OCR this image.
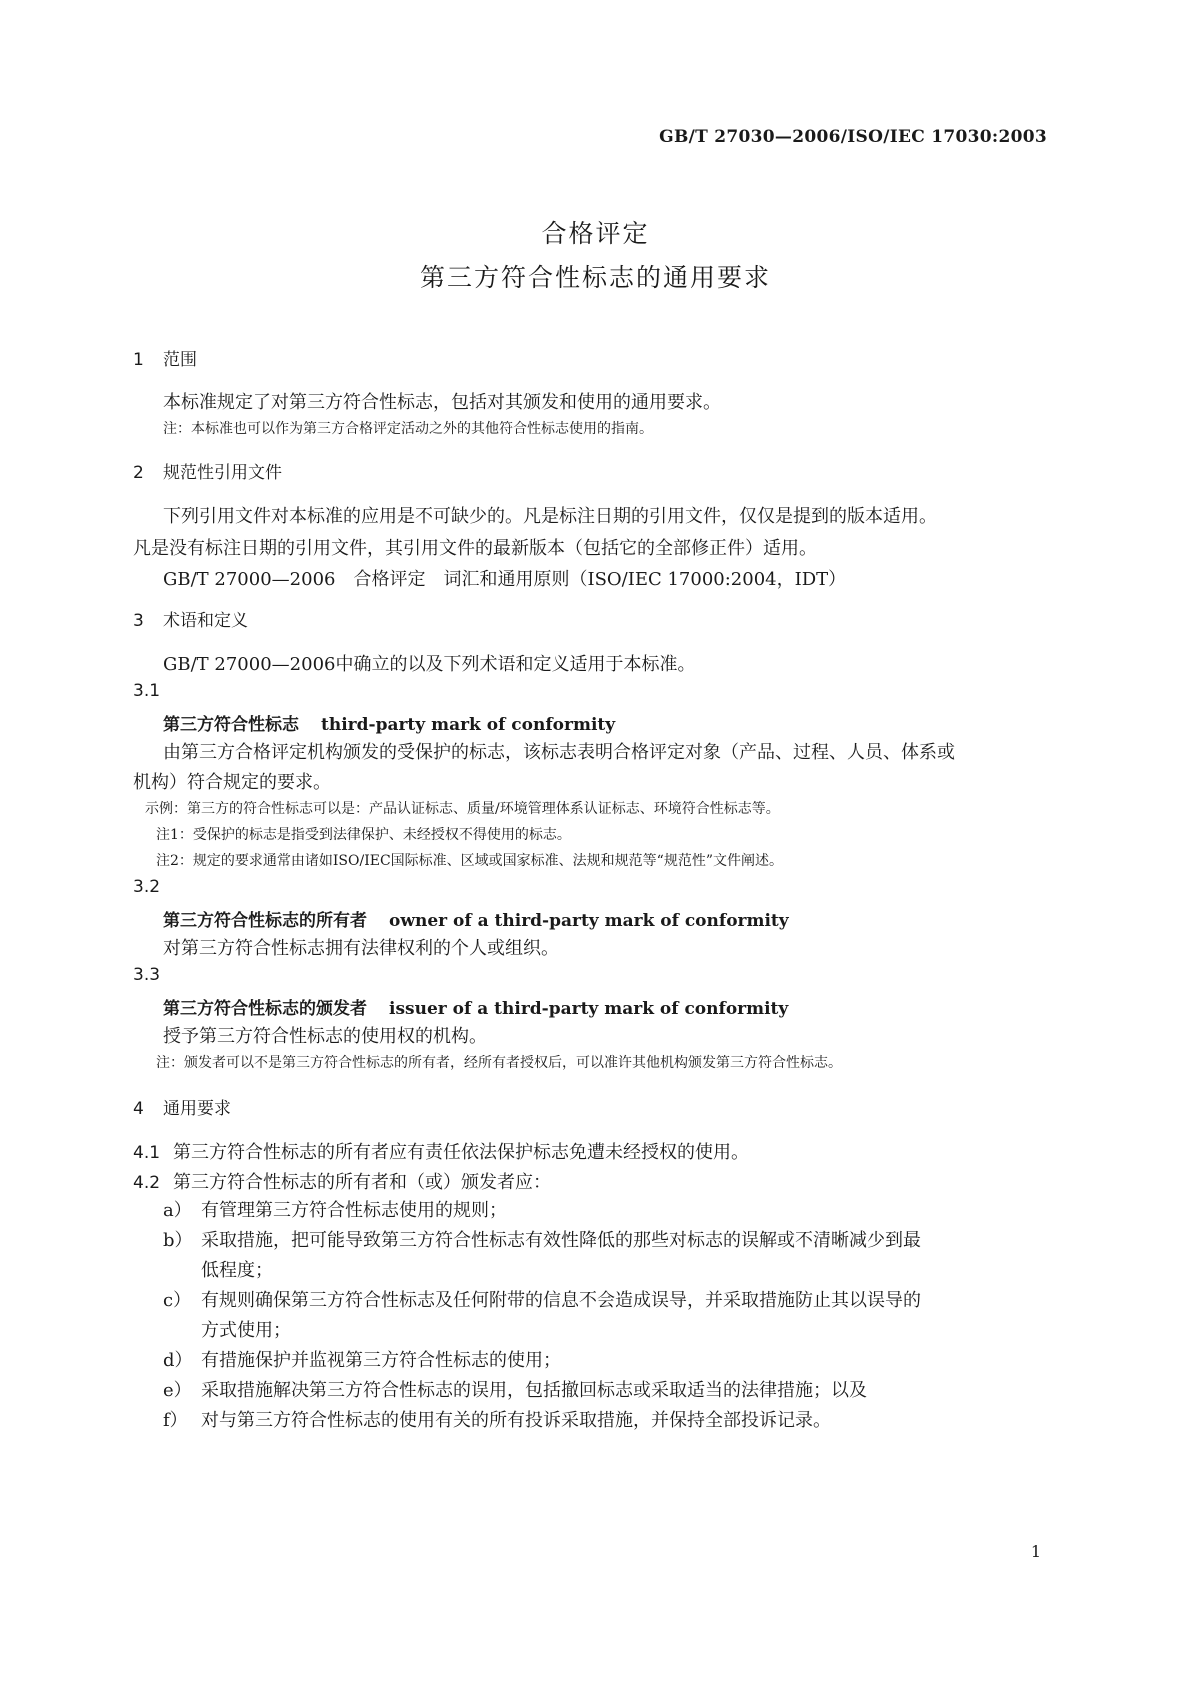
GB/T 27030—2006/ISO/IEC 17030:2003
合格评定
第三方符合性标志的通用要求
1 范围
本标准规定了对第三方符合性标志，包括对其颁发和使用的通用要求。
注：本标准也可以作为第三方合格评定活动之外的其他符合性标志使用的指南。
2 规范性引用文件
下列引用文件对本标准的应用是不可缺少的。凡是标注日期的引用文件，仅仅是提到的版本适用。
凡是没有标注日期的引用文件，其引用文件的最新版本（包括它的全部修正件）适用。
GB/T 27000—2006　合格评定　词汇和通用原则（ISO/IEC 17000:2004，IDT）
3 术语和定义
GB/T 27000—2006中确立的以及下列术语和定义适用于本标准。
3.1
第三方符合性标志 third-party mark of conformity
由第三方合格评定机构颁发的受保护的标志，该标志表明合格评定对象（产品、过程、人员、体系或
机构）符合规定的要求。
示例：第三方的符合性标志可以是：产品认证标志、质量/环境管理体系认证标志、环境符合性标志等。
注1：受保护的标志是指受到法律保护、未经授权不得使用的标志。
注2：规定的要求通常由诸如ISO/IEC国际标准、区域或国家标准、法规和规范等“规范性”文件阐述。
3.2
第三方符合性标志的所有者 owner of a third-party mark of conformity
对第三方符合性标志拥有法律权利的个人或组织。
3.3
第三方符合性标志的颁发者 issuer of a third-party mark of conformity
授予第三方符合性标志的使用权的机构。
注：颁发者可以不是第三方符合性标志的所有者，经所有者授权后，可以准许其他机构颁发第三方符合性标志。
4 通用要求
4.1 第三方符合性标志的所有者应有责任依法保护标志免遭未经授权的使用。
4.2 第三方符合性标志的所有者和（或）颁发者应：
a） 有管理第三方符合性标志使用的规则；
b） 采取措施，把可能导致第三方符合性标志有效性降低的那些对标志的误解或不清晰减少到最
低程度；
c） 有规则确保第三方符合性标志及任何附带的信息不会造成误导，并采取措施防止其以误导的
方式使用；
d） 有措施保护并监视第三方符合性标志的使用；
e） 采取措施解决第三方符合性标志的误用，包括撤回标志或采取适当的法律措施；以及
f） 对与第三方符合性标志的使用有关的所有投诉采取措施，并保持全部投诉记录。
1
